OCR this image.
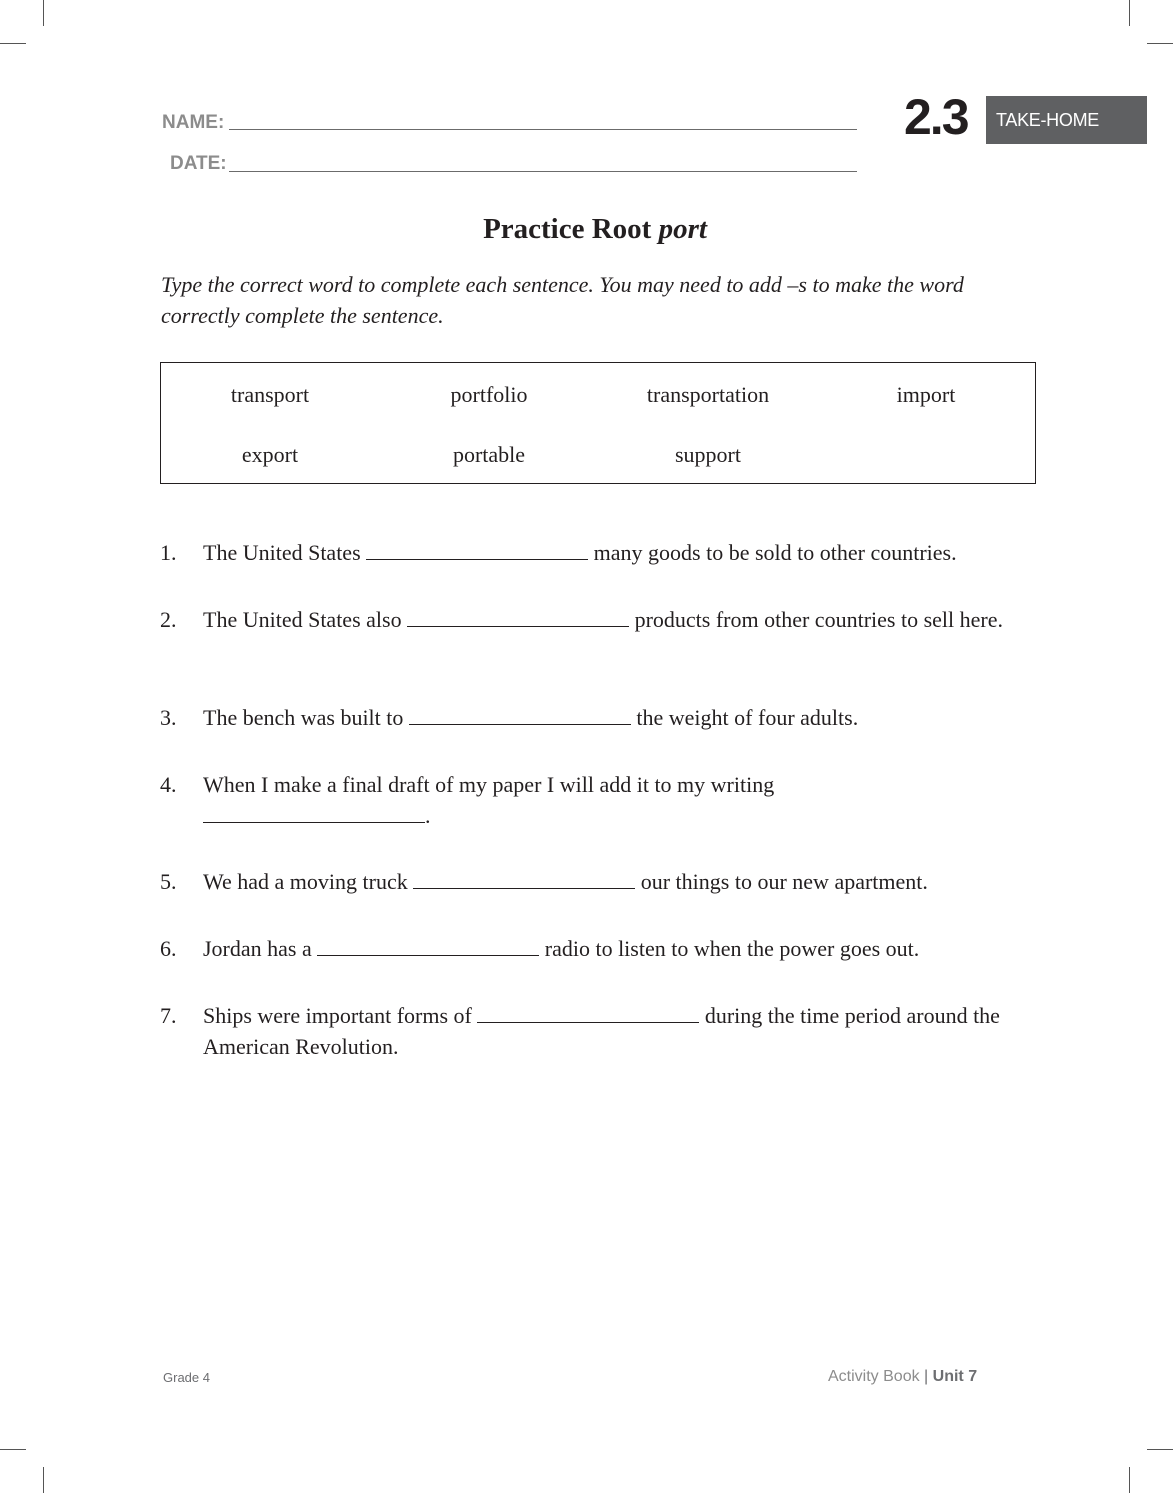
NAME:
DATE:
2.3	TAKE-HOME
Practice Root port
Type the correct word to complete each sentence. You may need to add –s to make the word correctly complete the sentence.
transport	portfolio	transportation	import
export	portable	support
1. The United States	many goods to be sold to other countries.
2. The United States also	products from other countries to sell here.
3. The bench was built to	the weight of four adults.
4. When I make a final draft of my paper I will add it to my writing .
5. We had a moving truck	our things to our new apartment.
6. Jordan has a	radio to listen to when the power goes out.
7. Ships were important forms of	during the time period around the American Revolution.
Grade 4	Activity Book | Unit 7
